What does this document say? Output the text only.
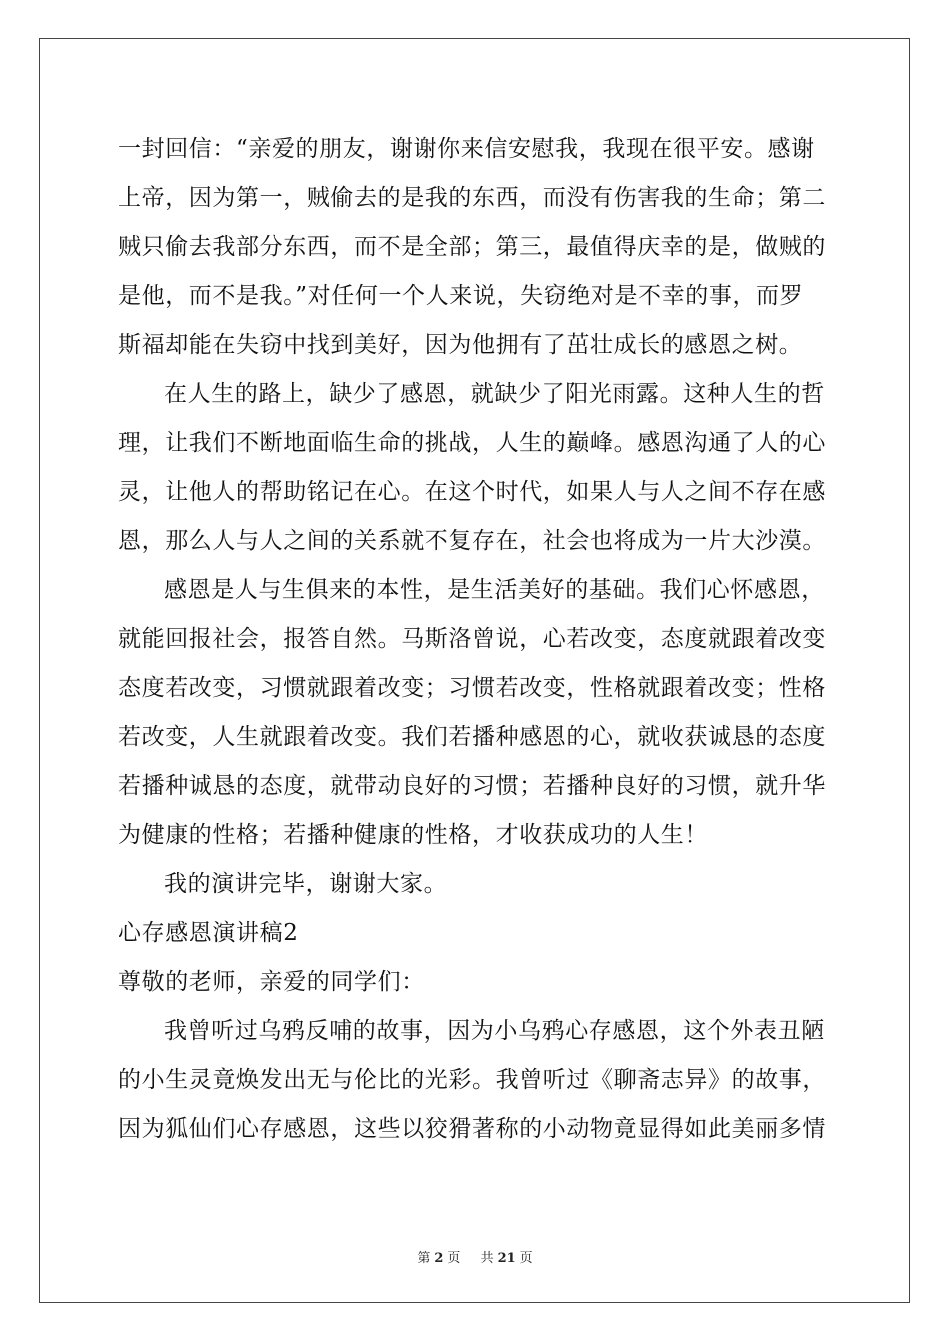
一封回信：“亲爱的朋友，谢谢你来信安慰我，我现在很平安。感谢
上帝，因为第一，贼偷去的是我的东西，而没有伤害我的生命；第二
贼只偷去我部分东西，而不是全部；第三，最值得庆幸的是，做贼的
是他，而不是我。”对任何一个人来说，失窃绝对是不幸的事，而罗
斯福却能在失窃中找到美好，因为他拥有了茁壮成长的感恩之树。
在人生的路上，缺少了感恩，就缺少了阳光雨露。这种人生的哲
理，让我们不断地面临生命的挑战，人生的巅峰。感恩沟通了人的心
灵，让他人的帮助铭记在心。在这个时代，如果人与人之间不存在感
恩，那么人与人之间的关系就不复存在，社会也将成为一片大沙漠。
感恩是人与生俱来的本性，是生活美好的基础。我们心怀感恩，
就能回报社会，报答自然。马斯洛曾说，心若改变，态度就跟着改变
态度若改变，习惯就跟着改变；习惯若改变，性格就跟着改变；性格
若改变，人生就跟着改变。我们若播种感恩的心，就收获诚恳的态度
若播种诚恳的态度，就带动良好的习惯；若播种良好的习惯，就升华
为健康的性格；若播种健康的性格，才收获成功的人生！
我的演讲完毕，谢谢大家。
心存感恩演讲稿2
尊敬的老师，亲爱的同学们：
我曾听过乌鸦反哺的故事，因为小乌鸦心存感恩，这个外表丑陋
的小生灵竟焕发出无与伦比的光彩。我曾听过《聊斋志异》的故事，
因为狐仙们心存感恩，这些以狡猾著称的小动物竟显得如此美丽多情
第 2 页 共 21 页
